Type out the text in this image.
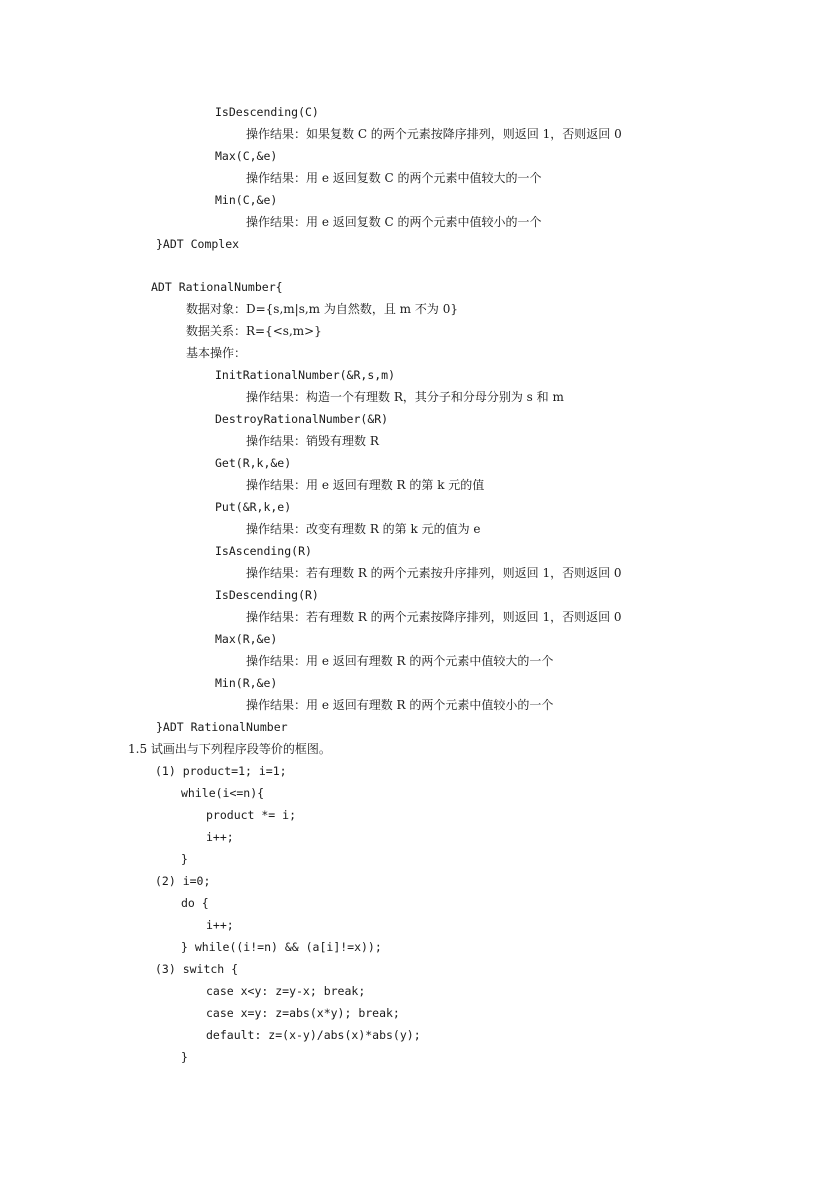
IsDescending(C)
操作结果：如果复数 C 的两个元素按降序排列，则返回 1，否则返回 0
Max(C,&e)
操作结果：用 e 返回复数 C 的两个元素中值较大的一个
Min(C,&e)
操作结果：用 e 返回复数 C 的两个元素中值较小的一个
}ADT Complex
ADT RationalNumber{
数据对象：D={s,m|s,m 为自然数，且 m 不为 0}
数据关系：R={<s,m>}
基本操作：
InitRationalNumber(&R,s,m)
操作结果：构造一个有理数 R，其分子和分母分别为 s 和 m
DestroyRationalNumber(&R)
操作结果：销毁有理数 R
Get(R,k,&e)
操作结果：用 e 返回有理数 R 的第 k 元的值
Put(&R,k,e)
操作结果：改变有理数 R 的第 k 元的值为 e
IsAscending(R)
操作结果：若有理数 R 的两个元素按升序排列，则返回 1，否则返回 0
IsDescending(R)
操作结果：若有理数 R 的两个元素按降序排列，则返回 1，否则返回 0
Max(R,&e)
操作结果：用 e 返回有理数 R 的两个元素中值较大的一个
Min(R,&e)
操作结果：用 e 返回有理数 R 的两个元素中值较小的一个
}ADT RationalNumber
1.5 试画出与下列程序段等价的框图。
(1) product=1; i=1;
while(i<=n){
product *= i;
i++;
}
(2) i=0;
do {
i++;
} while((i!=n) && (a[i]!=x));
(3) switch {
case x<y: z=y-x; break;
case x=y: z=abs(x*y); break;
default: z=(x-y)/abs(x)*abs(y);
}
